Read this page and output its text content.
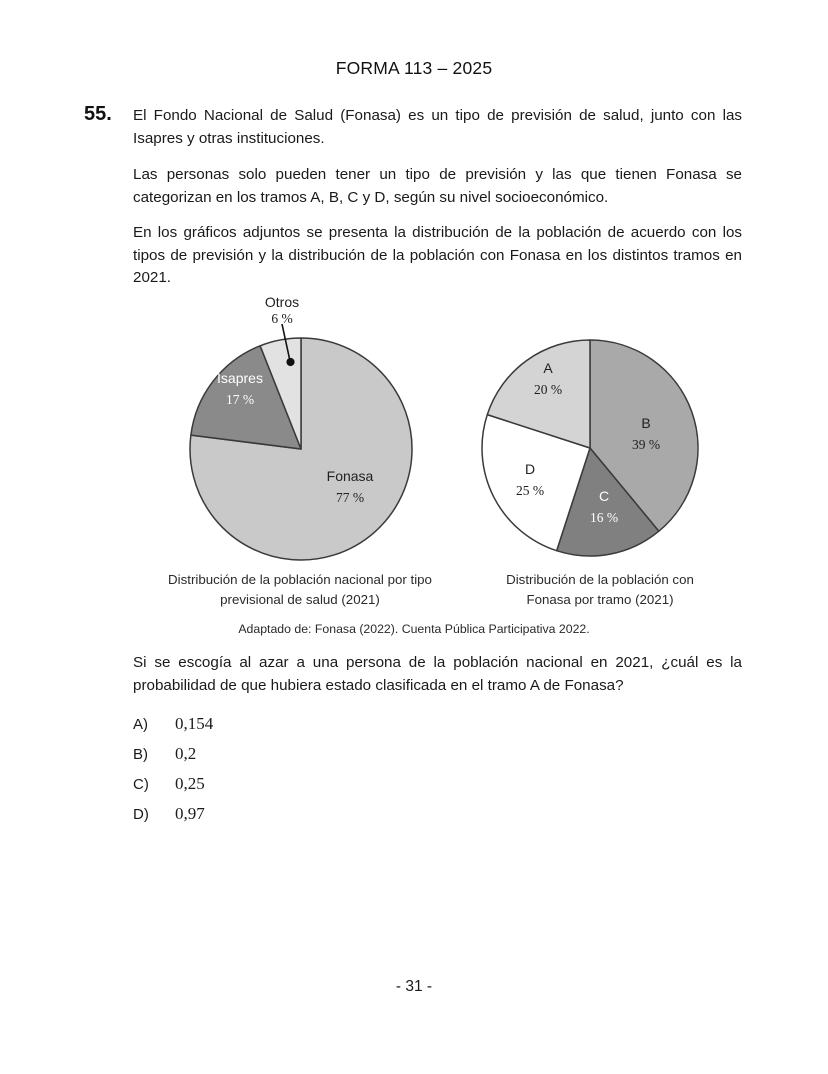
FORMA 113 – 2025
55.	El Fondo Nacional de Salud (Fonasa) es un tipo de previsión de salud, junto con las Isapres y otras instituciones.
Las personas solo pueden tener un tipo de previsión y las que tienen Fonasa se categorizan en los tramos A, B, C y D, según su nivel socioeconómico.
En los gráficos adjuntos se presenta la distribución de la población de acuerdo con los tipos de previsión y la distribución de la población con Fonasa en los distintos tramos en 2021.
Otros
6 %
Isapres
17 %
Fonasa
77 %
A
20 %
B
39 %
C
16 %
D
25 %
Distribución de la población nacional por tipo
previsional de salud (2021)
Distribución de la población con
Fonasa por tramo (2021)
Adaptado de: Fonasa (2022). Cuenta Pública Participativa 2022.
Si se escogía al azar a una persona de la población nacional en 2021, ¿cuál es la probabilidad de que hubiera estado clasificada en el tramo A de Fonasa?
A)	0,154
B)	0,2
C)	0,25
D)	0,97
- 31 -
